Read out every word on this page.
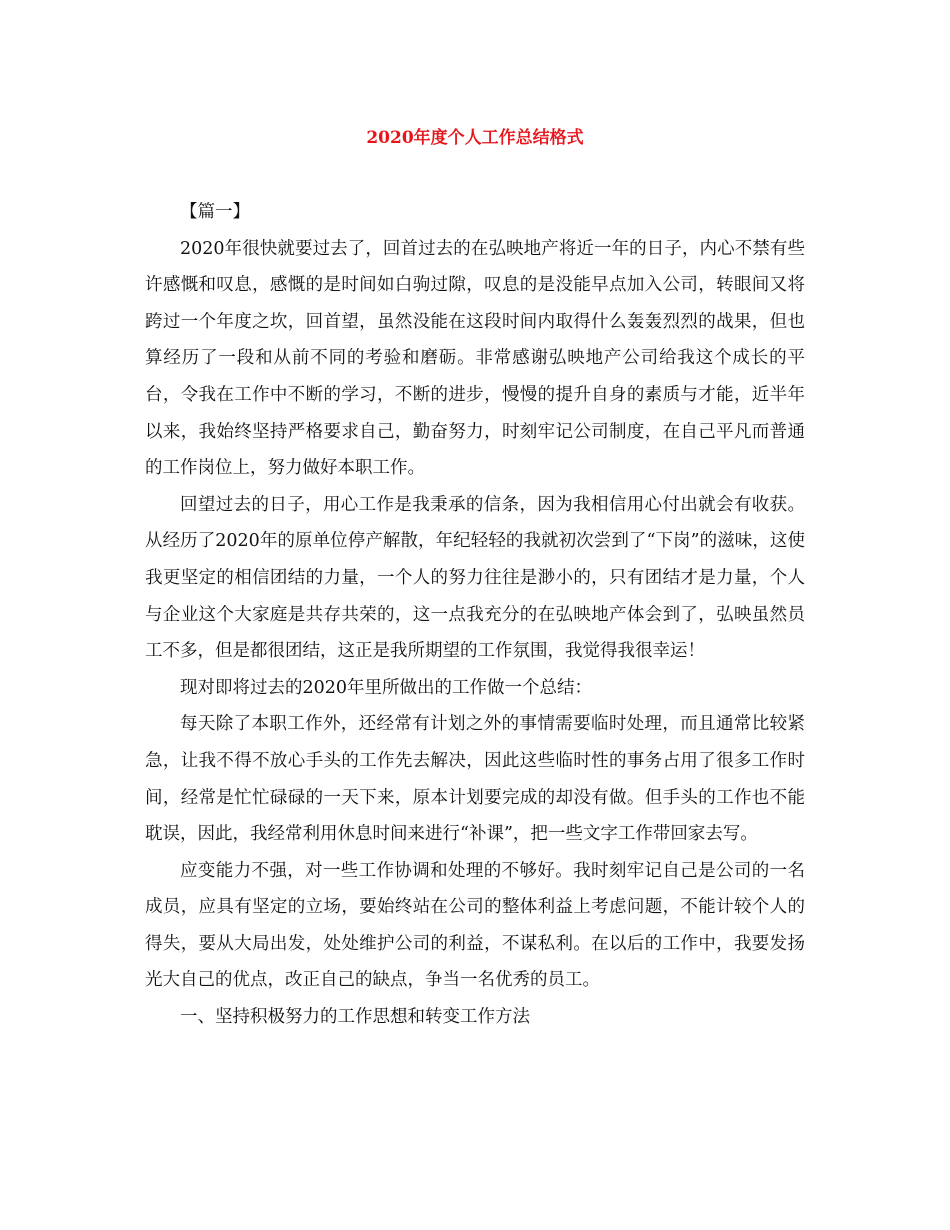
2020年度个人工作总结格式

【篇一】

2020年很快就要过去了，回首过去的在弘映地产将近一年的日子，内心不禁有些许感慨和叹息，感慨的是时间如白驹过隙，叹息的是没能早点加入公司，转眼间又将跨过一个年度之坎，回首望，虽然没能在这段时间内取得什么轰轰烈烈的战果，但也算经历了一段和从前不同的考验和磨砺。非常感谢弘映地产公司给我这个成长的平台，令我在工作中不断的学习，不断的进步，慢慢的提升自身的素质与才能，近半年以来，我始终坚持严格要求自己，勤奋努力，时刻牢记公司制度，在自己平凡而普通的工作岗位上，努力做好本职工作。

回望过去的日子，用心工作是我秉承的信条，因为我相信用心付出就会有收获。从经历了2020年的原单位停产解散，年纪轻轻的我就初次尝到了“下岗”的滋味，这使我更坚定的相信团结的力量，一个人的努力往往是渺小的，只有团结才是力量，个人与企业这个大家庭是共存共荣的，这一点我充分的在弘映地产体会到了，弘映虽然员工不多，但是都很团结，这正是我所期望的工作氛围，我觉得我很幸运！

现对即将过去的2020年里所做出的工作做一个总结：

每天除了本职工作外，还经常有计划之外的事情需要临时处理，而且通常比较紧急，让我不得不放心手头的工作先去解决，因此这些临时性的事务占用了很多工作时间，经常是忙忙碌碌的一天下来，原本计划要完成的却没有做。但手头的工作也不能耽误，因此，我经常利用休息时间来进行“补课”，把一些文字工作带回家去写。

应变能力不强，对一些工作协调和处理的不够好。我时刻牢记自己是公司的一名成员，应具有坚定的立场，要始终站在公司的整体利益上考虑问题，不能计较个人的得失，要从大局出发，处处维护公司的利益，不谋私利。在以后的工作中，我要发扬光大自己的优点，改正自己的缺点，争当一名优秀的员工。

一、坚持积极努力的工作思想和转变工作方法
